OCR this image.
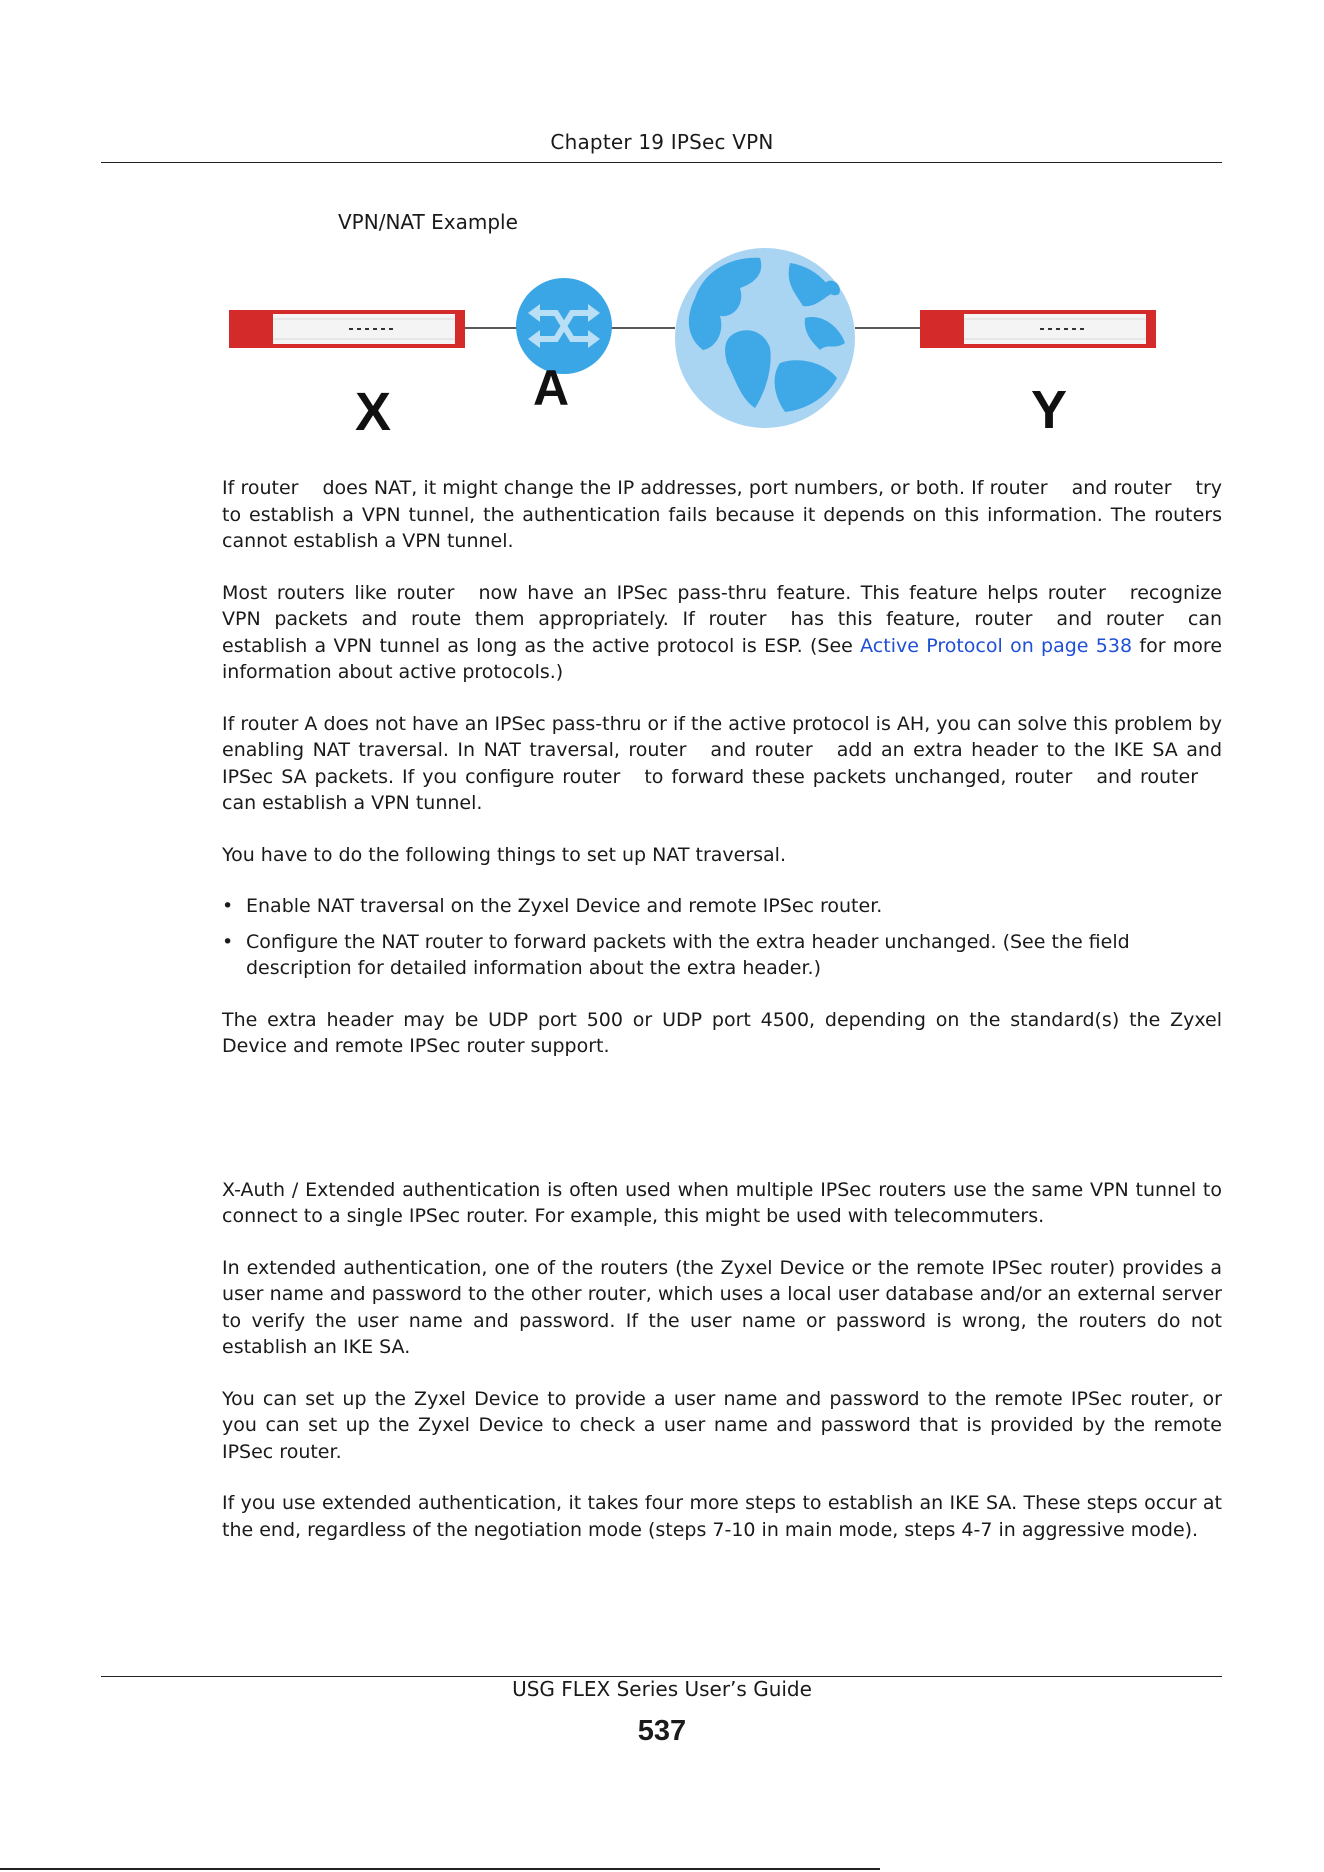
Chapter 19 IPSec VPN
VPN/NAT Example
X	A	Y

If router does NAT, it might change the IP addresses, port numbers, or both. If router and router try to establish a VPN tunnel, the authentication fails because it depends on this information. The routers cannot establish a VPN tunnel.

Most routers like router now have an IPSec pass-thru feature. This feature helps router recognize VPN packets and route them appropriately. If router has this feature, router and router can establish a VPN tunnel as long as the active protocol is ESP. (See Active Protocol on page 538 for more information about active protocols.)

If router A does not have an IPSec pass-thru or if the active protocol is AH, you can solve this problem by enabling NAT traversal. In NAT traversal, router and router add an extra header to the IKE SA and IPSec SA packets. If you configure router to forward these packets unchanged, router and routercan establish a VPN tunnel.

You have to do the following things to set up NAT traversal.

• Enable NAT traversal on the Zyxel Device and remote IPSec router.
• Configure the NAT router to forward packets with the extra header unchanged. (See the field description for detailed information about the extra header.)

The extra header may be UDP port 500 or UDP port 4500, depending on the standard(s) the Zyxel Device and remote IPSec router support.

X-Auth / Extended authentication is often used when multiple IPSec routers use the same VPN tunnel to connect to a single IPSec router. For example, this might be used with telecommuters.

In extended authentication, one of the routers (the Zyxel Device or the remote IPSec router) provides a user name and password to the other router, which uses a local user database and/or an external server to verify the user name and password. If the user name or password is wrong, the routers do not establish an IKE SA.

You can set up the Zyxel Device to provide a user name and password to the remote IPSec router, or you can set up the Zyxel Device to check a user name and password that is provided by the remote IPSec router.

If you use extended authentication, it takes four more steps to establish an IKE SA. These steps occur at the end, regardless of the negotiation mode (steps 7-10 in main mode, steps 4-7 in aggressive mode).

USG FLEX Series User’s Guide
537
